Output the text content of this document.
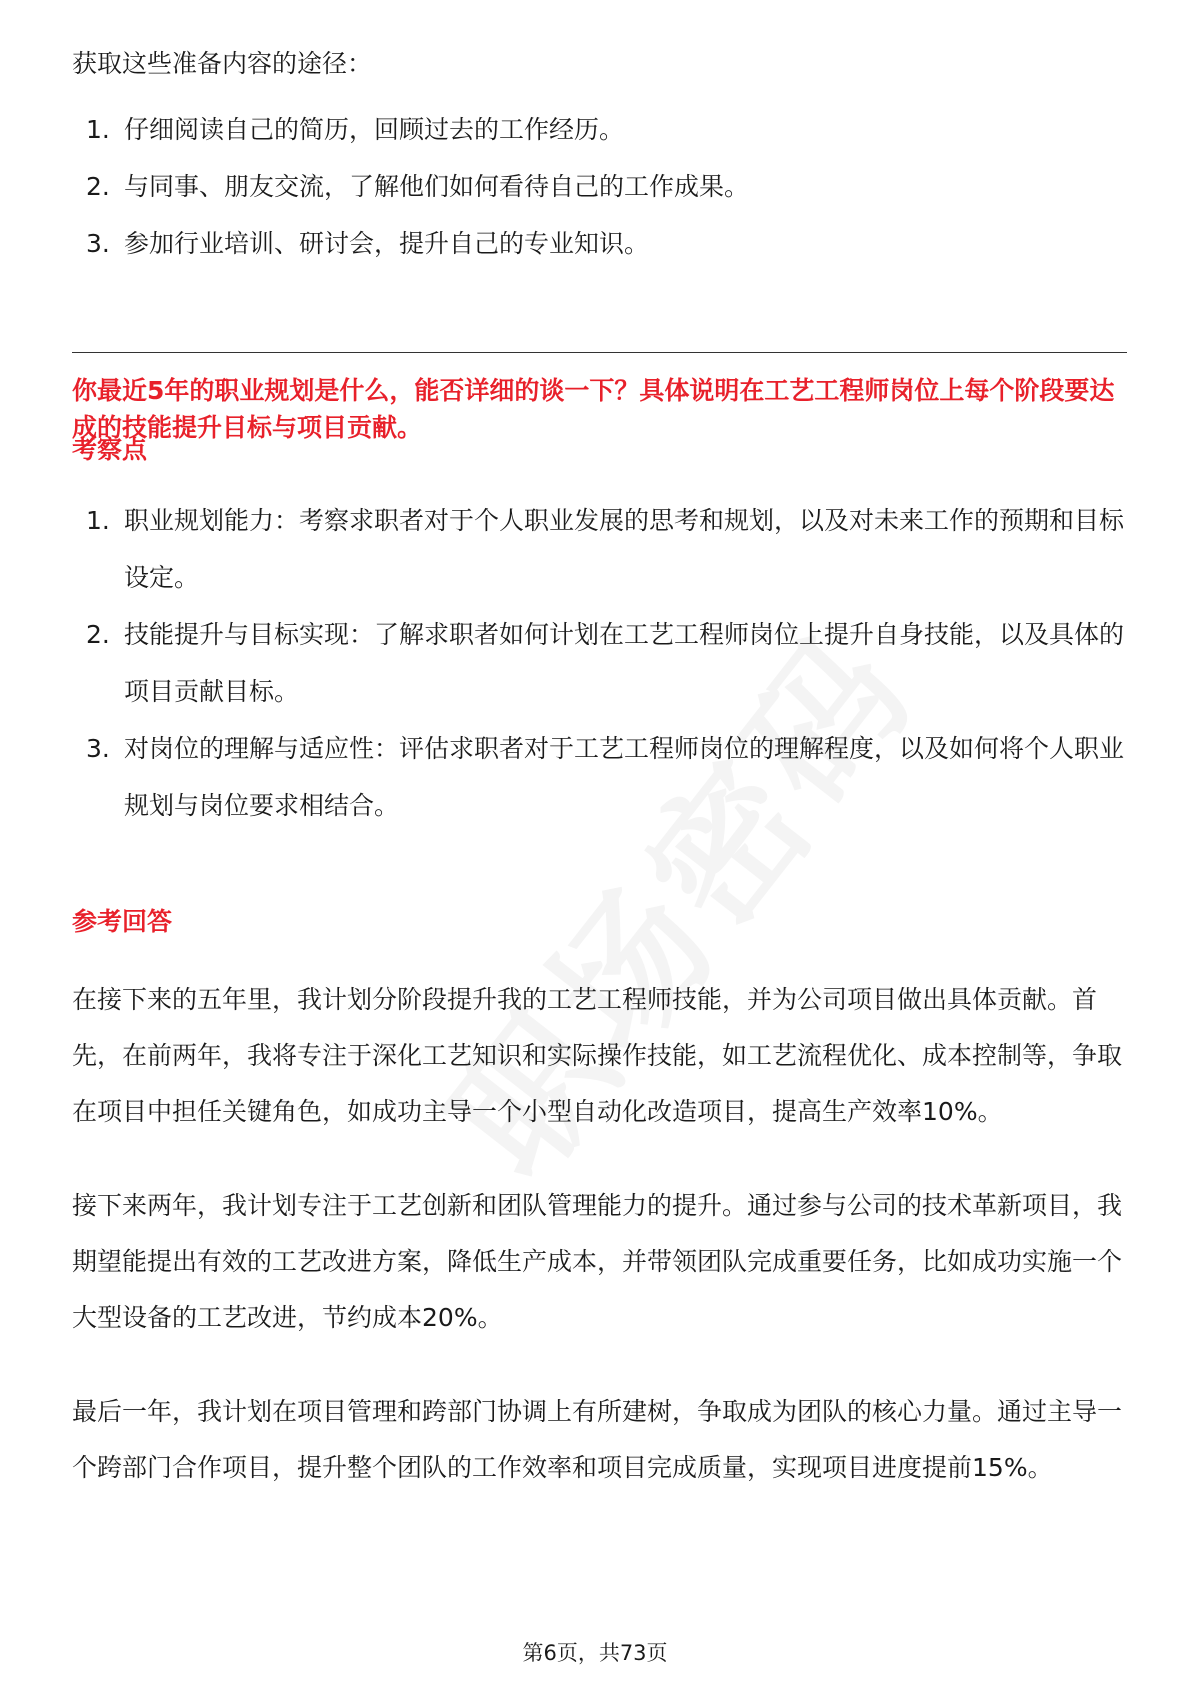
获取这些准备内容的途径：

1. 仔细阅读自己的简历，回顾过去的工作经历。
2. 与同事、朋友交流，了解他们如何看待自己的工作成果。
3. 参加行业培训、研讨会，提升自己的专业知识。

你最近5年的职业规划是什么，能否详细的谈一下？具体说明在工艺工程师岗位上每个阶段要达成的技能提升目标与项目贡献。

考察点

1. 职业规划能力：考察求职者对于个人职业发展的思考和规划，以及对未来工作的预期和目标设定。
2. 技能提升与目标实现：了解求职者如何计划在工艺工程师岗位上提升自身技能，以及具体的项目贡献目标。
3. 对岗位的理解与适应性：评估求职者对于工艺工程师岗位的理解程度，以及如何将个人职业规划与岗位要求相结合。

参考回答

在接下来的五年里，我计划分阶段提升我的工艺工程师技能，并为公司项目做出具体贡献。首先，在前两年，我将专注于深化工艺知识和实际操作技能，如工艺流程优化、成本控制等，争取在项目中担任关键角色，如成功主导一个小型自动化改造项目，提高生产效率10%。

接下来两年，我计划专注于工艺创新和团队管理能力的提升。通过参与公司的技术革新项目，我期望能提出有效的工艺改进方案，降低生产成本，并带领团队完成重要任务，比如成功实施一个大型设备的工艺改进，节约成本20%。

最后一年，我计划在项目管理和跨部门协调上有所建树，争取成为团队的核心力量。通过主导一个跨部门合作项目，提升整个团队的工作效率和项目完成质量，实现项目进度提前15%。

第6页，共73页
